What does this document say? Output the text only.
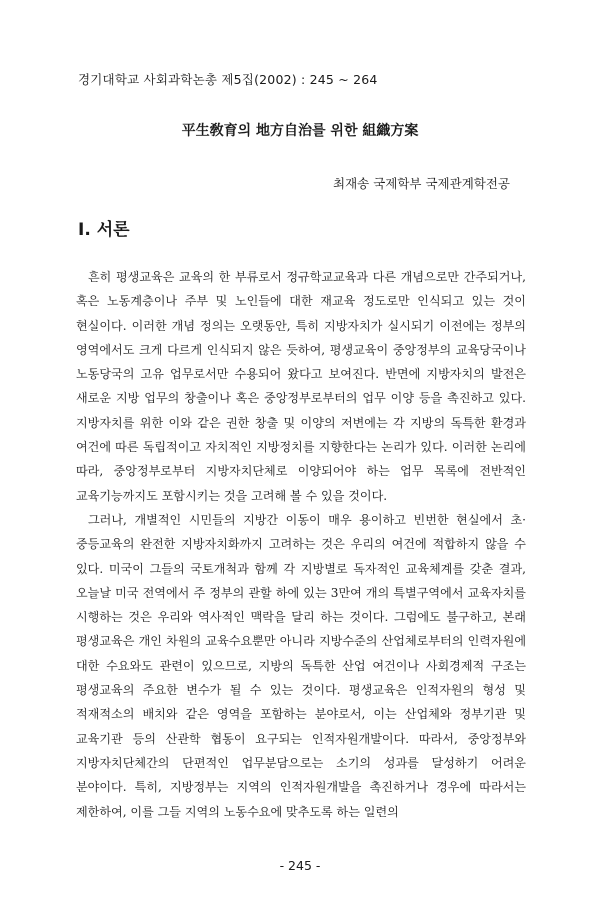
경기대학교 사회과학논총 제5집(2002) : 245 ~ 264
平生敎育의 地方自治를 위한 組織方案
최재송 국제학부 국제관계학전공
Ⅰ. 서론

흔히 평생교육은 교육의 한 부류로서 정규학교교육과 다른 개념으로만 간주되거나, 혹은 노동계층이나 주부 및 노인들에 대한 재교육 정도로만 인식되고 있는 것이 현실이다. 이러한 개념 정의는 오랫동안, 특히 지방자치가 실시되기 이전에는 정부의 영역에서도 크게 다르게 인식되지 않은 듯하여, 평생교육이 중앙정부의 교육당국이나 노동당국의 고유 업무로서만 수용되어 왔다고 보여진다. 반면에 지방자치의 발전은 새로운 지방 업무의 창출이나 혹은 중앙정부로부터의 업무 이양 등을 촉진하고 있다. 지방자치를 위한 이와 같은 권한 창출 및 이양의 저변에는 각 지방의 독특한 환경과 여건에 따른 독립적이고 자치적인 지방정치를 지향한다는 논리가 있다. 이러한 논리에 따라, 중앙정부로부터 지방자치단체로 이양되어야 하는 업무 목록에 전반적인 교육기능까지도 포함시키는 것을 고려해 볼 수 있을 것이다.

그러나, 개별적인 시민들의 지방간 이동이 매우 용이하고 빈번한 현실에서 초·중등교육의 완전한 지방자치화까지 고려하는 것은 우리의 여건에 적합하지 않을 수 있다. 미국이 그들의 국토개척과 함께 각 지방별로 독자적인 교육체계를 갖춘 결과, 오늘날 미국 전역에서 주 정부의 관할 하에 있는 3만여 개의 특별구역에서 교육자치를 시행하는 것은 우리와 역사적인 맥락을 달리 하는 것이다. 그럼에도 불구하고, 본래 평생교육은 개인 차원의 교육수요뿐만 아니라 지방수준의 산업체로부터의 인력자원에 대한 수요와도 관련이 있으므로, 지방의 독특한 산업 여건이나 사회경제적 구조는 평생교육의 주요한 변수가 될 수 있는 것이다. 평생교육은 인적자원의 형성 및 적재적소의 배치와 같은 영역을 포함하는 분야로서, 이는 산업체와 정부기관 및 교육기관 등의 산관학 협동이 요구되는 인적자원개발이다. 따라서, 중앙정부와 지방자치단체간의 단편적인 업무분담으로는 소기의 성과를 달성하기 어려운 분야이다. 특히, 지방정부는 지역의 인적자원개발을 촉진하거나 경우에 따라서는 제한하여, 이를 그들 지역의 노동수요에 맞추도록 하는 일련의

- 245 -
